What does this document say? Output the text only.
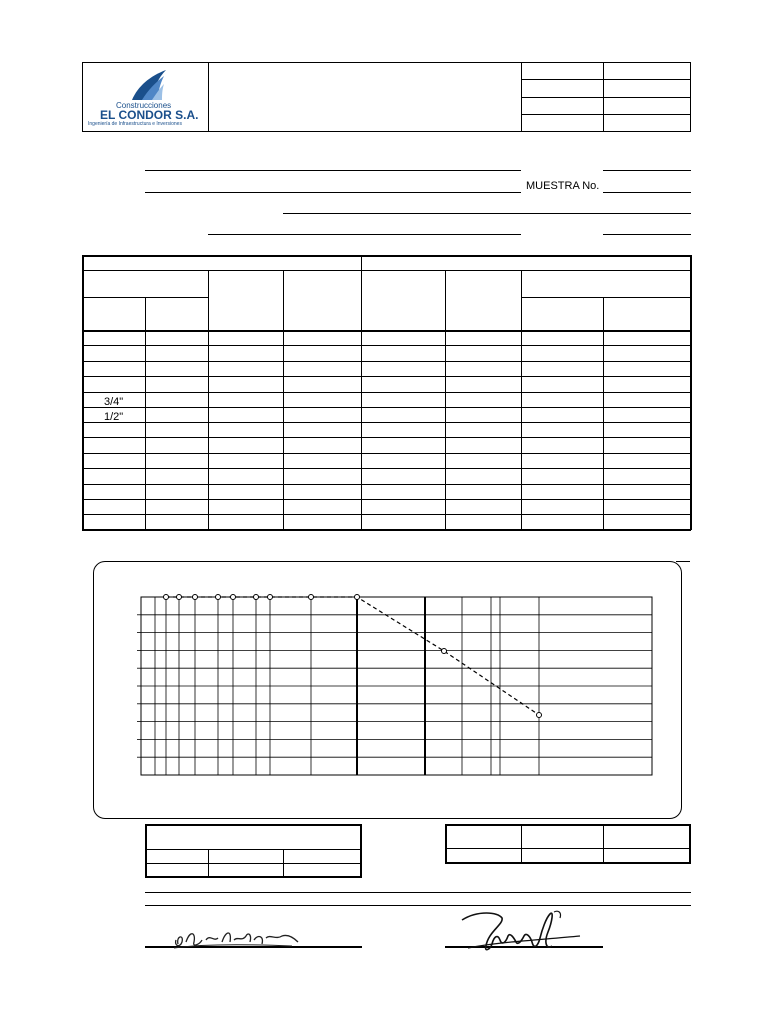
Construcciones
EL CONDOR S.A.
Ingeniería de Infraestructura e Inversiones
MUESTRA No.
3/4"
1/2"
